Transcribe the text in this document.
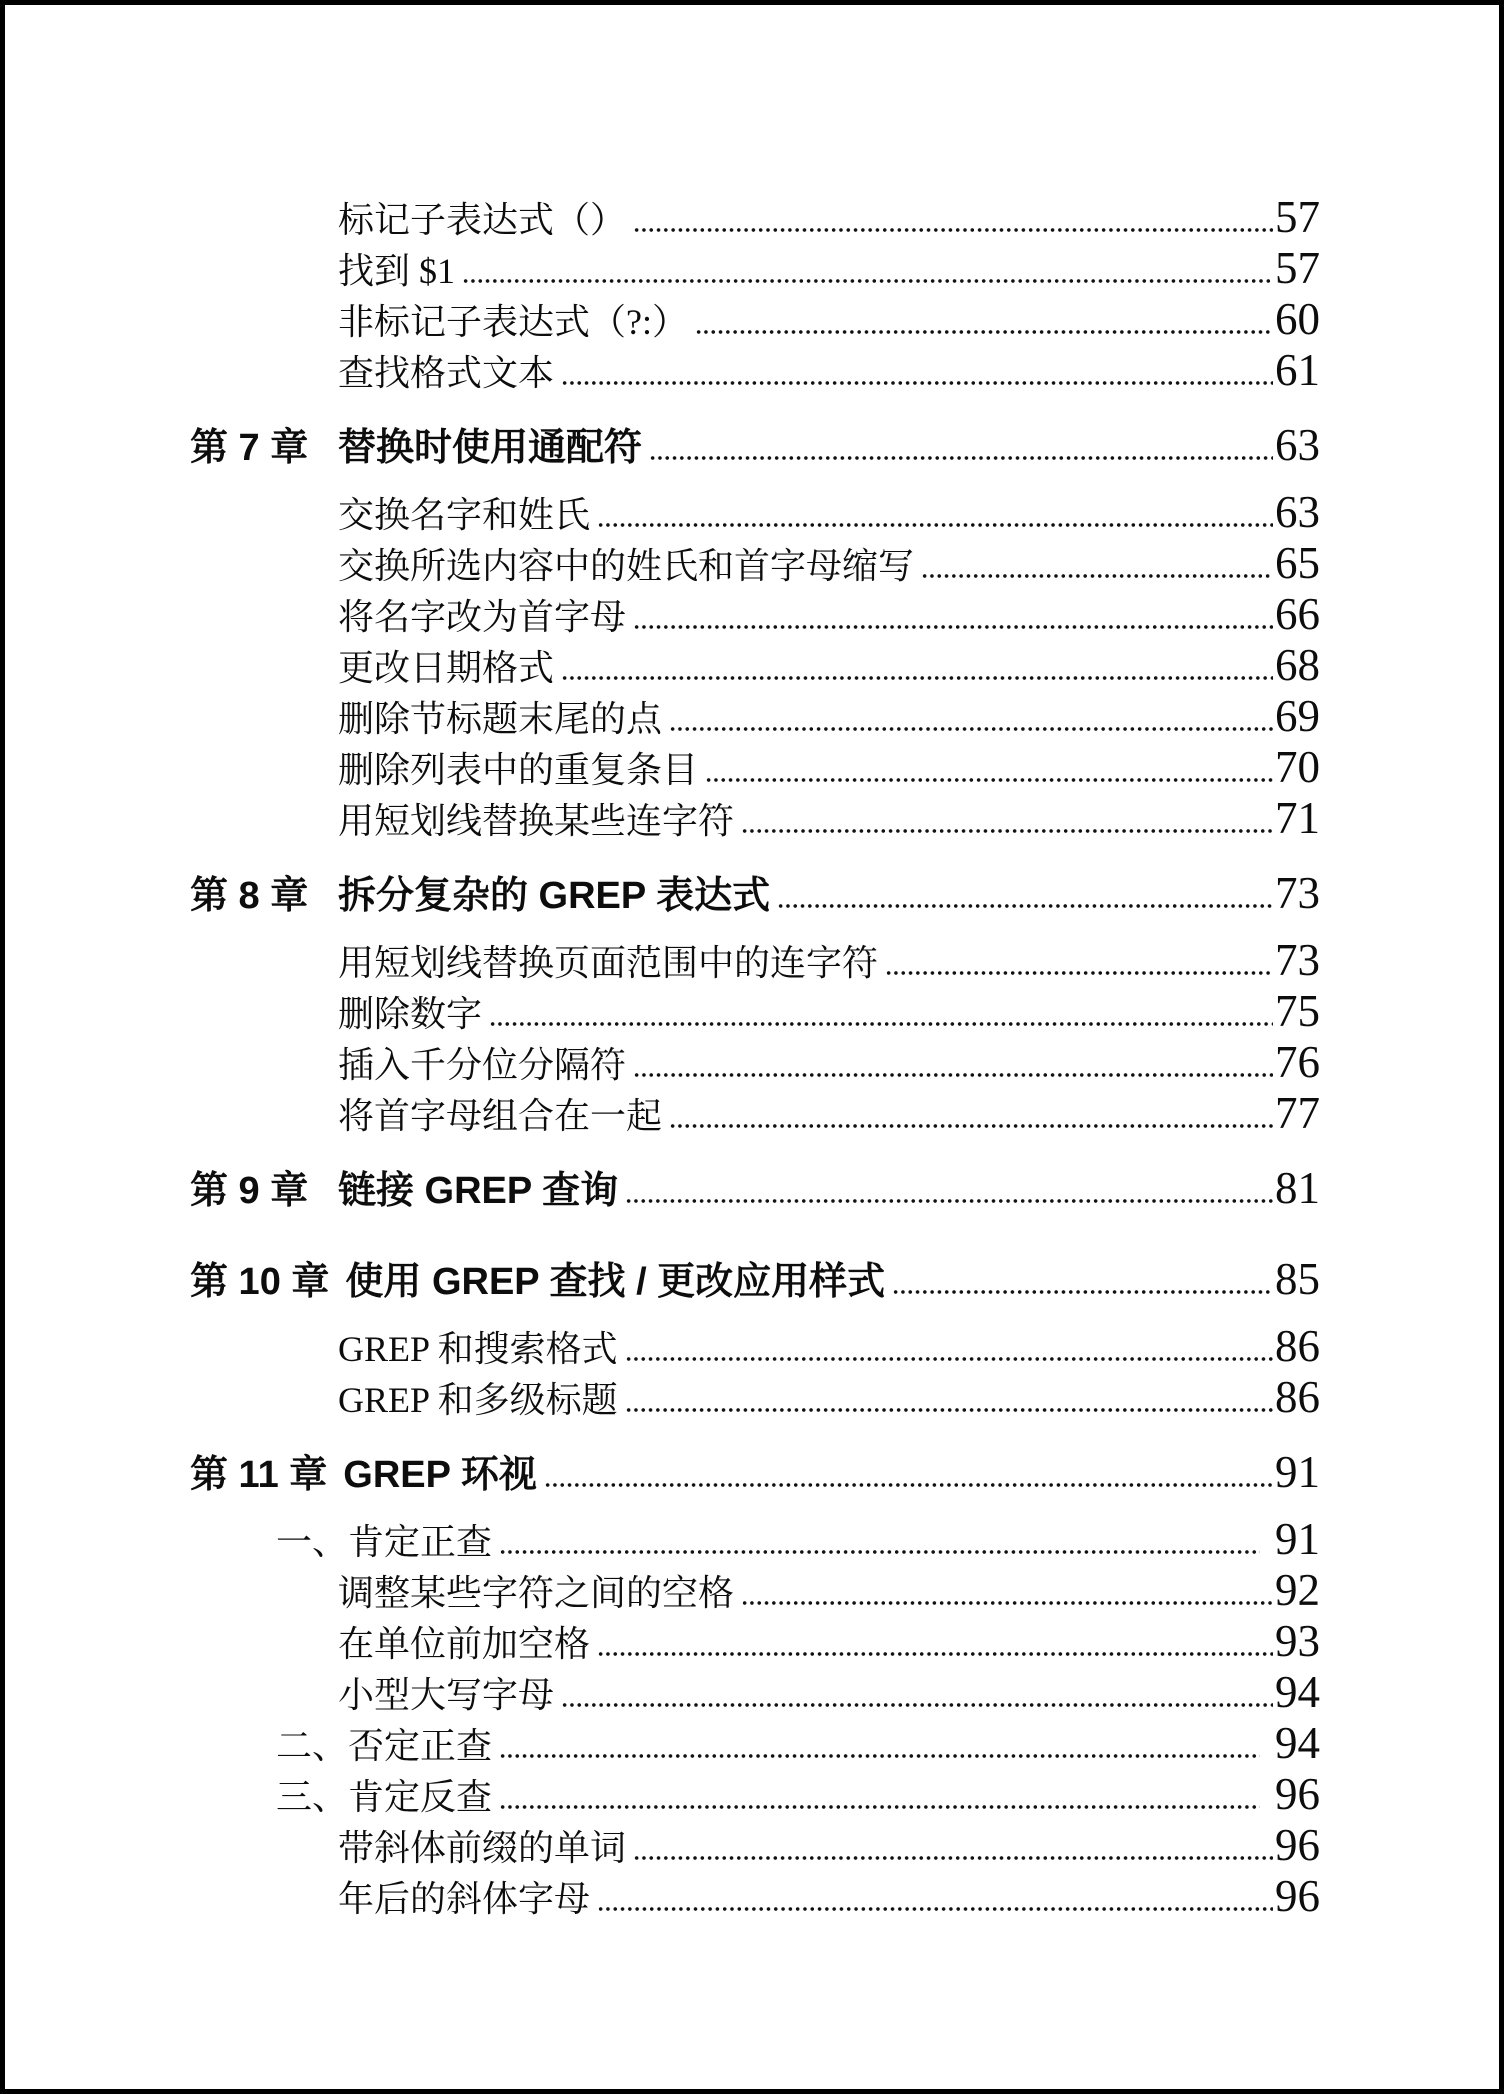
标记子表达式（）	57
找到 $1	57
非标记子表达式（?:）	60
查找格式文本	61
第 7 章 替换时使用通配符	63
交换名字和姓氏	63
交换所选内容中的姓氏和首字母缩写	65
将名字改为首字母	66
更改日期格式	68
删除节标题末尾的点	69
删除列表中的重复条目	70
用短划线替换某些连字符	71
第 8 章 拆分复杂的 GREP 表达式	73
用短划线替换页面范围中的连字符	73
删除数字	75
插入千分位分隔符	76
将首字母组合在一起	77
第 9 章 链接 GREP 查询	81
第 10 章 使用 GREP 查找 / 更改应用样式	85
GREP 和搜索格式	86
GREP 和多级标题	86
第 11 章 GREP 环视	91
一、肯定正查	91
调整某些字符之间的空格	92
在单位前加空格	93
小型大写字母	94
二、否定正查	94
三、肯定反查	96
带斜体前缀的单词	96
年后的斜体字母	96
